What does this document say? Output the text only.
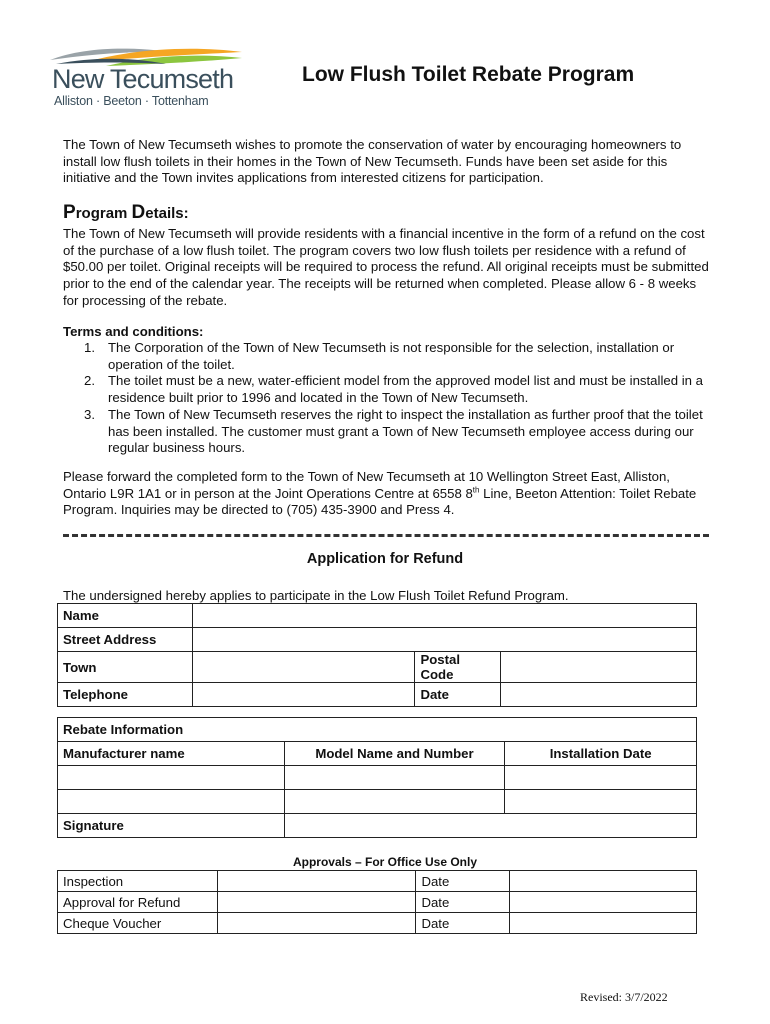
New Tecumseth
Alliston · Beeton · Tottenham
Low Flush Toilet Rebate Program
The Town of New Tecumseth wishes to promote the conservation of water by encouraging homeowners to install low flush toilets in their homes in the Town of New Tecumseth. Funds have been set aside for this initiative and the Town invites applications from interested citizens for participation.
Program Details:
The Town of New Tecumseth will provide residents with a financial incentive in the form of a refund on the cost of the purchase of a low flush toilet. The program covers two low flush toilets per residence with a refund of $50.00 per toilet. Original receipts will be required to process the refund. All original receipts must be submitted prior to the end of the calendar year. The receipts will be returned when completed. Please allow 6 - 8 weeks for processing of the rebate.
Terms and conditions:
1. The Corporation of the Town of New Tecumseth is not responsible for the selection, installation or operation of the toilet.
2. The toilet must be a new, water-efficient model from the approved model list and must be installed in a residence built prior to 1996 and located in the Town of New Tecumseth.
3. The Town of New Tecumseth reserves the right to inspect the installation as further proof that the toilet has been installed. The customer must grant a Town of New Tecumseth employee access during our regular business hours.
Please forward the completed form to the Town of New Tecumseth at 10 Wellington Street East, Alliston, Ontario L9R 1A1 or in person at the Joint Operations Centre at 6558 8th Line, Beeton Attention: Toilet Rebate Program. Inquiries may be directed to (705) 435-3900 and Press 4.
Application for Refund
The undersigned hereby applies to participate in the Low Flush Toilet Refund Program.
Name			
Street Address			
Town		Postal Code	
Telephone		Date	
Rebate Information		
Manufacturer name	Model Name and Number	Installation Date

Signature		
Approvals – For Office Use Only
Inspection		Date	
Approval for Refund		Date	
Cheque Voucher		Date	
Revised: 3/7/2022
